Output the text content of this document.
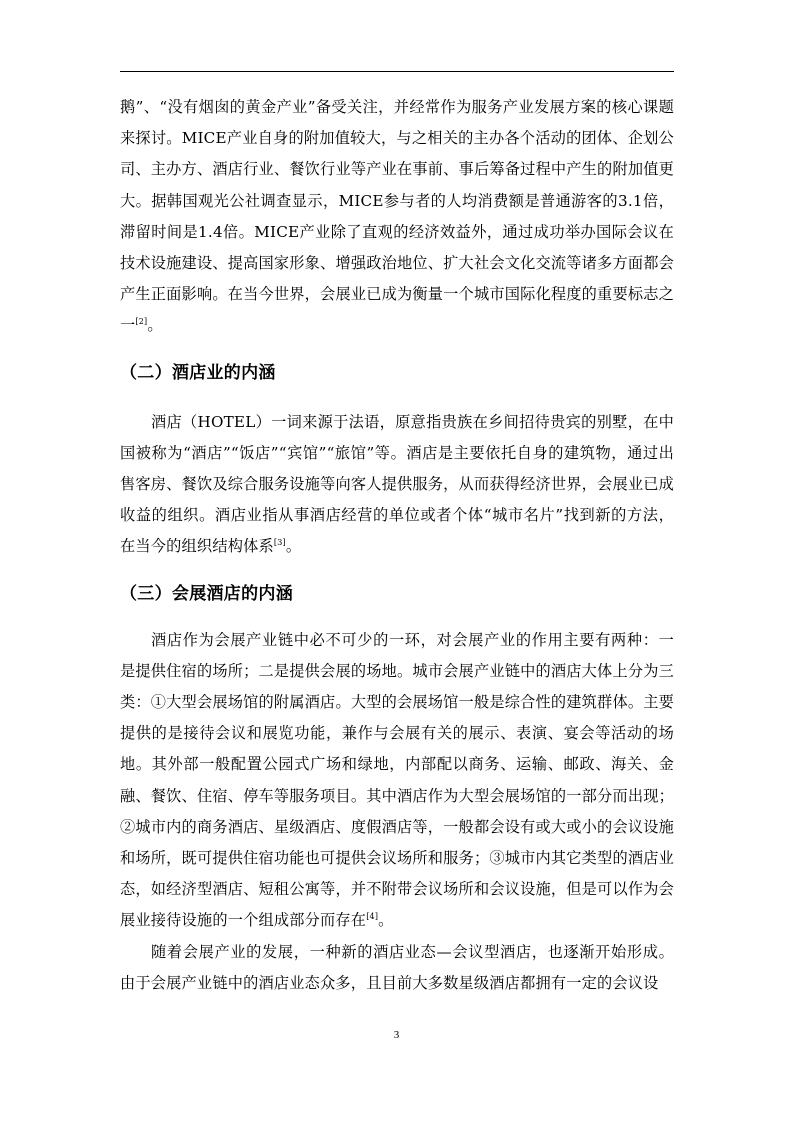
鹅”、“没有烟囱的黄金产业”备受关注，并经常作为服务产业发展方案的核心课题来探讨。MICE产业自身的附加值较大，与之相关的主办各个活动的团体、企划公司、主办方、酒店行业、餐饮行业等产业在事前、事后筹备过程中产生的附加值更大。据韩国观光公社调查显示，MICE参与者的人均消费额是普通游客的3.1倍，滞留时间是1.4倍。MICE产业除了直观的经济效益外，通过成功举办国际会议在技术设施建设、提高国家形象、增强政治地位、扩大社会文化交流等诸多方面都会产生正面影响。在当今世界，会展业已成为衡量一个城市国际化程度的重要标志之一[2]。

（二）酒店业的内涵

酒店（HOTEL）一词来源于法语，原意指贵族在乡间招待贵宾的别墅，在中国被称为“酒店”“饭店”“宾馆”“旅馆”等。酒店是主要依托自身的建筑物，通过出售客房、餐饮及综合服务设施等向客人提供服务，从而获得经济世界，会展业已成收益的组织。酒店业指从事酒店经营的单位或者个体“城市名片”找到新的方法，在当今的组织结构体系[3]。

（三）会展酒店的内涵

酒店作为会展产业链中必不可少的一环，对会展产业的作用主要有两种：一是提供住宿的场所；二是提供会展的场地。城市会展产业链中的酒店大体上分为三类：①大型会展场馆的附属酒店。大型的会展场馆一般是综合性的建筑群体。主要提供的是接待会议和展览功能，兼作与会展有关的展示、表演、宴会等活动的场地。其外部一般配置公园式广场和绿地，内部配以商务、运输、邮政、海关、金融、餐饮、住宿、停车等服务项目。其中酒店作为大型会展场馆的一部分而出现；②城市内的商务酒店、星级酒店、度假酒店等，一般都会设有或大或小的会议设施和场所，既可提供住宿功能也可提供会议场所和服务；③城市内其它类型的酒店业态，如经济型酒店、短租公寓等，并不附带会议场所和会议设施，但是可以作为会展业接待设施的一个组成部分而存在[4]。

随着会展产业的发展，一种新的酒店业态—会议型酒店，也逐渐开始形成。由于会展产业链中的酒店业态众多，且目前大多数星级酒店都拥有一定的会议设

3
